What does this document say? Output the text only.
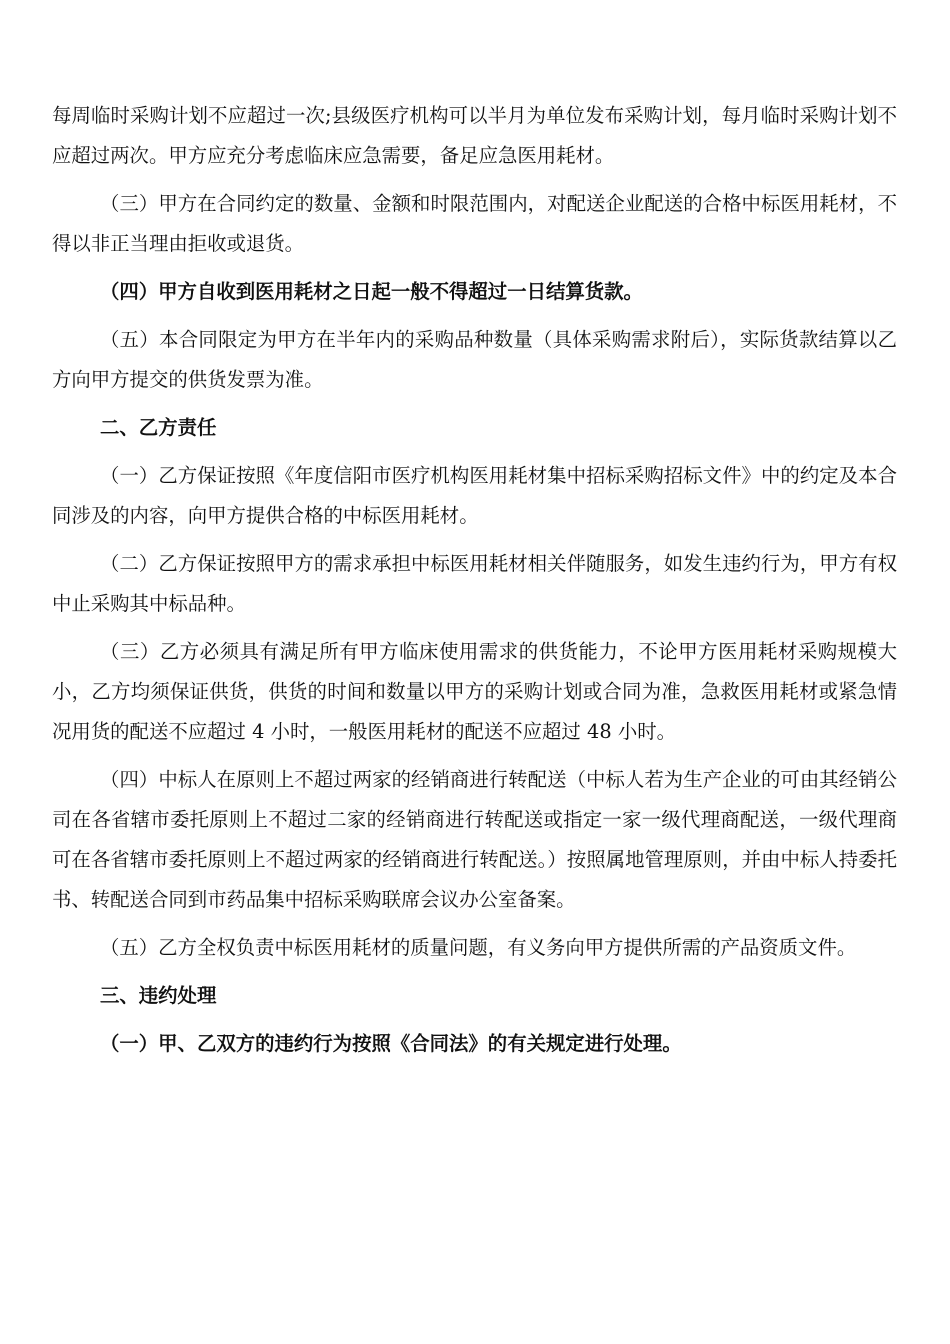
每周临时采购计划不应超过一次;县级医疗机构可以半月为单位发布采购计划，每月临时采购计划不应超过两次。甲方应充分考虑临床应急需要，备足应急医用耗材。

（三）甲方在合同约定的数量、金额和时限范围内，对配送企业配送的合格中标医用耗材，不得以非正当理由拒收或退货。

（四）甲方自收到医用耗材之日起一般不得超过一日结算货款。

（五）本合同限定为甲方在半年内的采购品种数量（具体采购需求附后），实际货款结算以乙方向甲方提交的供货发票为准。

二、乙方责任

（一）乙方保证按照《年度信阳市医疗机构医用耗材集中招标采购招标文件》中的约定及本合同涉及的内容，向甲方提供合格的中标医用耗材。

（二）乙方保证按照甲方的需求承担中标医用耗材相关伴随服务，如发生违约行为，甲方有权中止采购其中标品种。

（三）乙方必须具有满足所有甲方临床使用需求的供货能力，不论甲方医用耗材采购规模大小，乙方均须保证供货，供货的时间和数量以甲方的采购计划或合同为准，急救医用耗材或紧急情况用货的配送不应超过 4 小时，一般医用耗材的配送不应超过 48 小时。

（四）中标人在原则上不超过两家的经销商进行转配送（中标人若为生产企业的可由其经销公司在各省辖市委托原则上不超过二家的经销商进行转配送或指定一家一级代理商配送，一级代理商可在各省辖市委托原则上不超过两家的经销商进行转配送。）按照属地管理原则，并由中标人持委托书、转配送合同到市药品集中招标采购联席会议办公室备案。

（五）乙方全权负责中标医用耗材的质量问题，有义务向甲方提供所需的产品资质文件。

三、违约处理

（一）甲、乙双方的违约行为按照《合同法》的有关规定进行处理。
